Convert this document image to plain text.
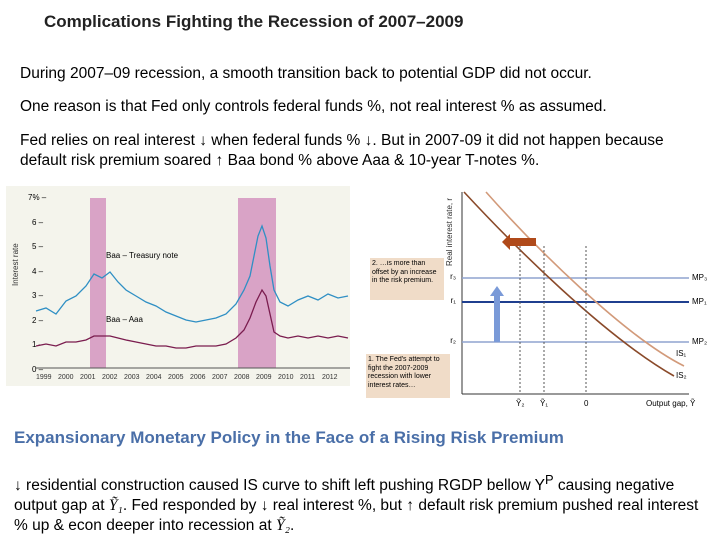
Complications Fighting the Recession of 2007–2009
During 2007–09 recession, a smooth transition back to potential GDP did not occur.
One reason is that Fed only controls federal funds %, not real interest % as assumed.
Fed relies on real interest ↓ when federal funds % ↓. But in 2007-09 it did not happen because default risk premium soared ↑ Baa bond % above Aaa & 10-year T-notes %.
Interest rate
7% –
6 –
5 –
4 –
3 –
2 –
1 –
0 –
Baa – Treasury note
Baa – Aaa
1999 2000 2001 2002 2003 2004 2005 2006 2007 2008 2009 2010 2011 2012
Real interest rate, r
Output gap, Ỹ
2. …is more than offset by an increase in the risk premium.
1. The Fed's attempt to fight the 2007-2009 recession with lower interest rates…
r₃
r₁
r₂
Ỹ₂ Ỹ₁	0
MP₃
MP₁
MP₂
IS₁
IS₂
Expansionary Monetary Policy in the Face of a Rising Risk Premium
↓ residential construction caused IS curve to shift left pushing RGDP bellow $Y^P$ causing negative output gap at Ỹ₁. Fed responded by ↓ real interest %, but ↑ default risk premium pushed real interest % up & econ deeper into recession at Ỹ₂.
